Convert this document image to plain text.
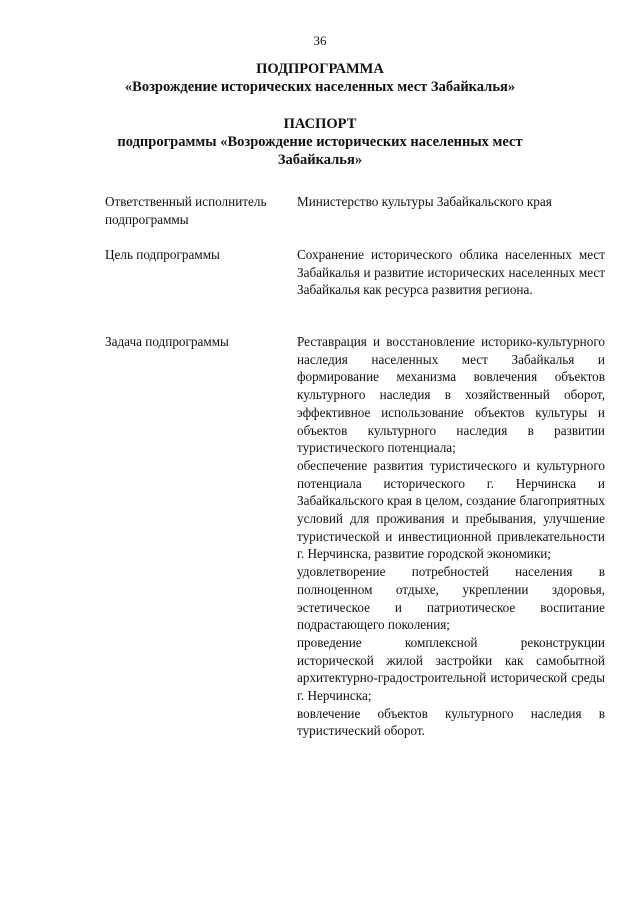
36
ПОДПРОГРАММА
«Возрождение исторических населенных мест Забайкалья»
ПАСПОРТ
подпрограммы «Возрождение исторических населенных мест Забайкалья»
Ответственный исполнитель подпрограммы

Министерство культуры Забайкальского края

Цель подпрограммы	Сохранение исторического облика населенных мест Забайкалья и развитие исторических населенных мест Забайкалья как ресурса развития региона.

Задача подпрограммы	Реставрация и восстановление историко-культурного наследия населенных мест Забайкалья и формирование механизма вовлечения объектов культурного наследия в хозяйственный оборот, эффективное использование объектов культуры и объектов культурного наследия в развитии туристического потенциала;

обеспечение развития туристического и культурного потенциала исторического г. Нерчинска и Забайкальского края в целом, создание благоприятных условий для проживания и пребывания, улучшение туристической и инвестиционной привлекательности г. Нерчинска, развитие городской экономики;

удовлетворение потребностей населения в полноценном отдыхе, укреплении здоровья, эстетическое и патриотическое воспитание подрастающего поколения;

проведение комплексной реконструкции исторической жилой застройки как самобытной архитектурно-градостроительной исторической среды г. Нерчинска;

вовлечение объектов культурного наследия в туристический оборот.
